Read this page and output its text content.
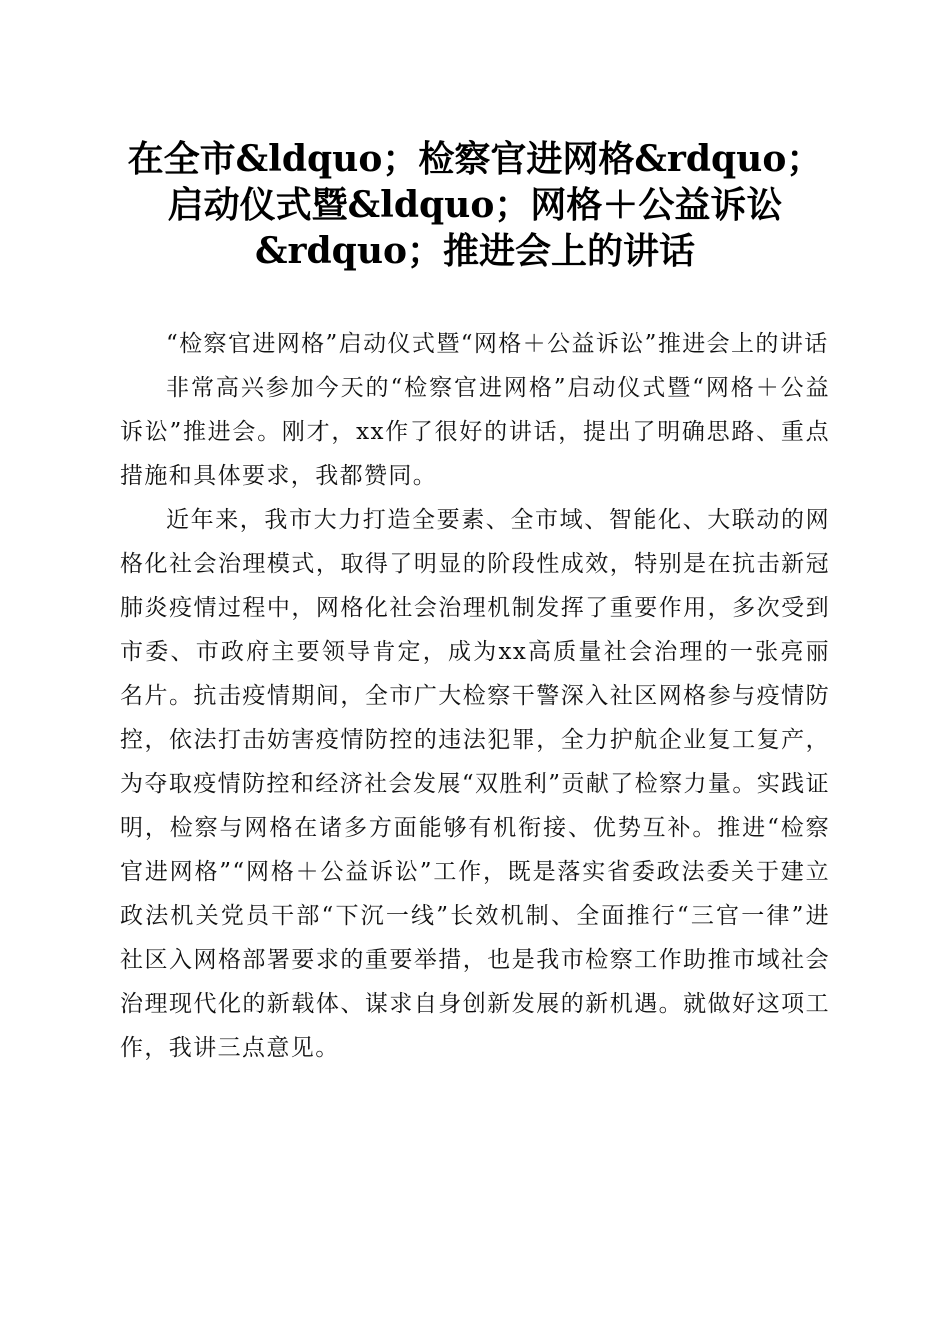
在全市&ldquo；检察官进网格&rdquo；启动仪式暨&ldquo；网格＋公益诉讼&rdquo；推进会上的讲话

“检察官进网格”启动仪式暨“网格＋公益诉讼”推进会上的讲话

非常高兴参加今天的“检察官进网格”启动仪式暨“网格＋公益诉讼”推进会。刚才，xx作了很好的讲话，提出了明确思路、重点措施和具体要求，我都赞同。

近年来，我市大力打造全要素、全市域、智能化、大联动的网格化社会治理模式，取得了明显的阶段性成效，特别是在抗击新冠肺炎疫情过程中，网格化社会治理机制发挥了重要作用，多次受到市委、市政府主要领导肯定，成为xx高质量社会治理的一张亮丽名片。抗击疫情期间，全市广大检察干警深入社区网格参与疫情防控，依法打击妨害疫情防控的违法犯罪，全力护航企业复工复产，为夺取疫情防控和经济社会发展“双胜利”贡献了检察力量。实践证明，检察与网格在诸多方面能够有机衔接、优势互补。推进“检察官进网格”“网格＋公益诉讼”工作，既是落实省委政法委关于建立政法机关党员干部“下沉一线”长效机制、全面推行“三官一律”进社区入网格部署要求的重要举措，也是我市检察工作助推市域社会治理现代化的新载体、谋求自身创新发展的新机遇。就做好这项工作，我讲三点意见。
